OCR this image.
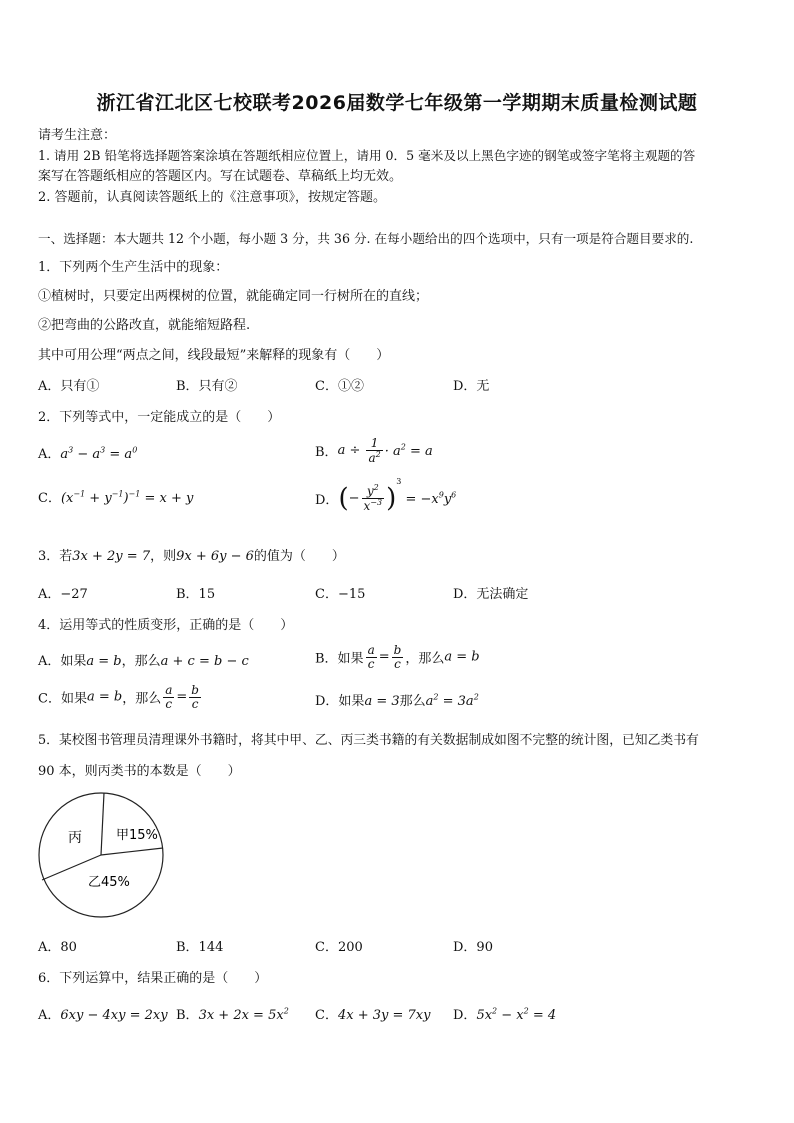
浙江省江北区七校联考2026届数学七年级第一学期期末质量检测试题
请考生注意：
1. 请用 2B 铅笔将选择题答案涂填在答题纸相应位置上，请用 0．5 毫米及以上黑色字迹的钢笔或签字笔将主观题的答
案写在答题纸相应的答题区内。写在试题卷、草稿纸上均无效。
2. 答题前，认真阅读答题纸上的《注意事项》，按规定答题。
一、选择题：本大题共 12 个小题，每小题 3 分，共 36 分. 在每小题给出的四个选项中，只有一项是符合题目要求的.
1．下列两个生产生活中的现象：
①植树时，只要定出两棵树的位置，就能确定同一行树所在的直线；
②把弯曲的公路改直，就能缩短路程.
其中可用公理“两点之间，线段最短”来解释的现象有（　　）
A．只有①	B．只有②	C．①②	D．无
2．下列等式中，一定能成立的是（　　）
A．$a^3 - a^3 = a^0$	B．$a \div \frac{1}{a^2} \cdot a^2 = a$
C．$(x^{-1} + y^{-1})^{-1} = x + y$	D．(− $\frac{y^2}{x^{-3}} )^3 = -x^9y^6$
3．若3x + 2y = 7，则9x + 6y − 6的值为（　　）
A．−27	B．15	C．−15	D．无法确定
4．运用等式的性质变形，正确的是（　　）
A．如果a = b，那么a + c = b − c	B．如果 $\frac{a}{c} = \frac{b}{c}$ ，那么a = b
C．如果a = b，那么 $\frac{a}{c} = \frac{b}{c}$	D．如果a = 3那么$a^2 = 3a^2$
5．某校图书管理员清理课外书籍时，将其中甲、乙、丙三类书籍的有关数据制成如图不完整的统计图，已知乙类书有
90 本，则丙类书的本数是（　　）
丙	甲15%
乙45%
A．80	B．144	C．200	D．90
6．下列运算中，结果正确的是（　　）
A．6xy − 4xy = 2xy B．$3x + 2x = 5x^2$ C．4x + 3y = 7xy D．$5x^2 - x^2 = 4$
